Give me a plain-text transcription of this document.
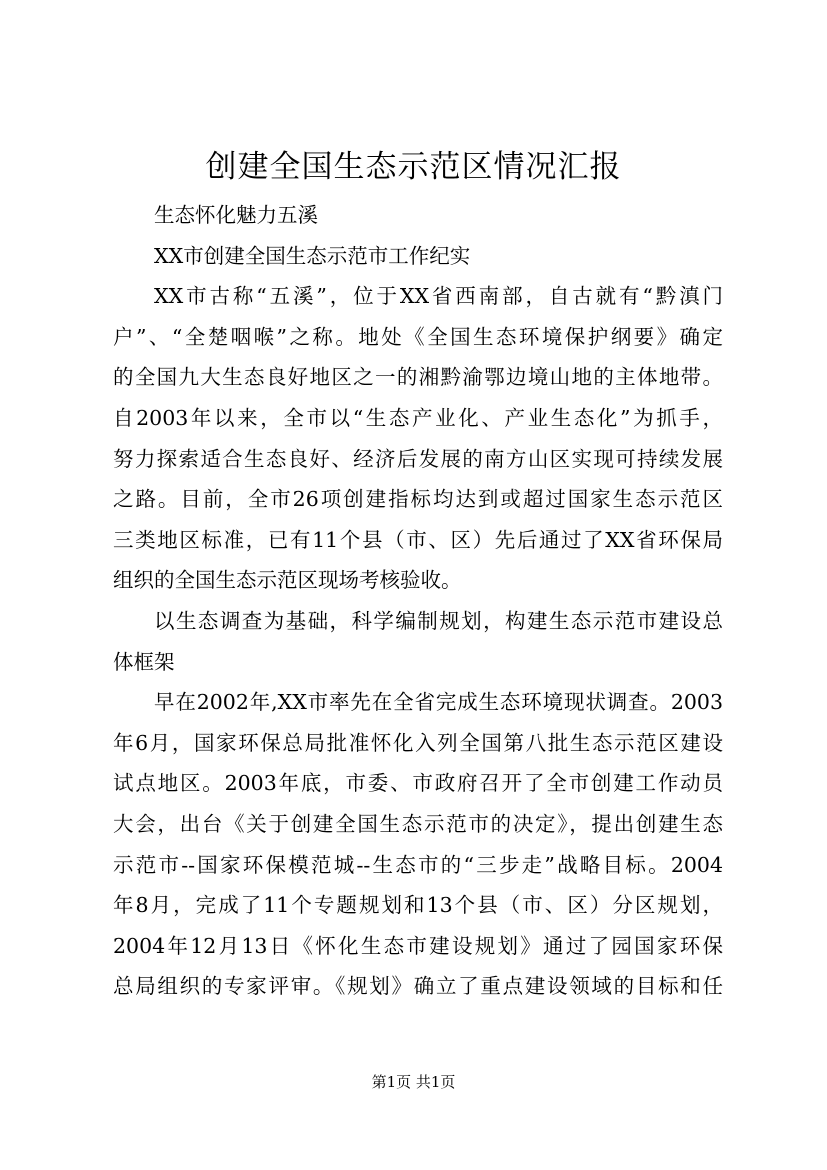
创建全国生态示范区情况汇报
生态怀化魅力五溪
XX市创建全国生态示范市工作纪实
XX市古称“五溪”，位于XX省西南部，自古就有“黔滇门
户”、“全楚咽喉”之称。地处《全国生态环境保护纲要》确定
的全国九大生态良好地区之一的湘黔渝鄂边境山地的主体地带。
自2003年以来，全市以“生态产业化、产业生态化”为抓手，
努力探索适合生态良好、经济后发展的南方山区实现可持续发展
之路。目前，全市26项创建指标均达到或超过国家生态示范区
三类地区标准，已有11个县（市、区）先后通过了XX省环保局
组织的全国生态示范区现场考核验收。
以生态调查为基础，科学编制规划，构建生态示范市建设总
体框架
早在2002年,XX市率先在全省完成生态环境现状调查。2003
年6月，国家环保总局批准怀化入列全国第八批生态示范区建设
试点地区。2003年底，市委、市政府召开了全市创建工作动员
大会，出台《关于创建全国生态示范市的决定》，提出创建生态
示范市--国家环保模范城--生态市的“三步走”战略目标。2004
年8月，完成了11个专题规划和13个县（市、区）分区规划，
2004年12月13日《怀化生态市建设规划》通过了园国家环保
总局组织的专家评审。《规划》确立了重点建设领域的目标和任
第1页 共1页
